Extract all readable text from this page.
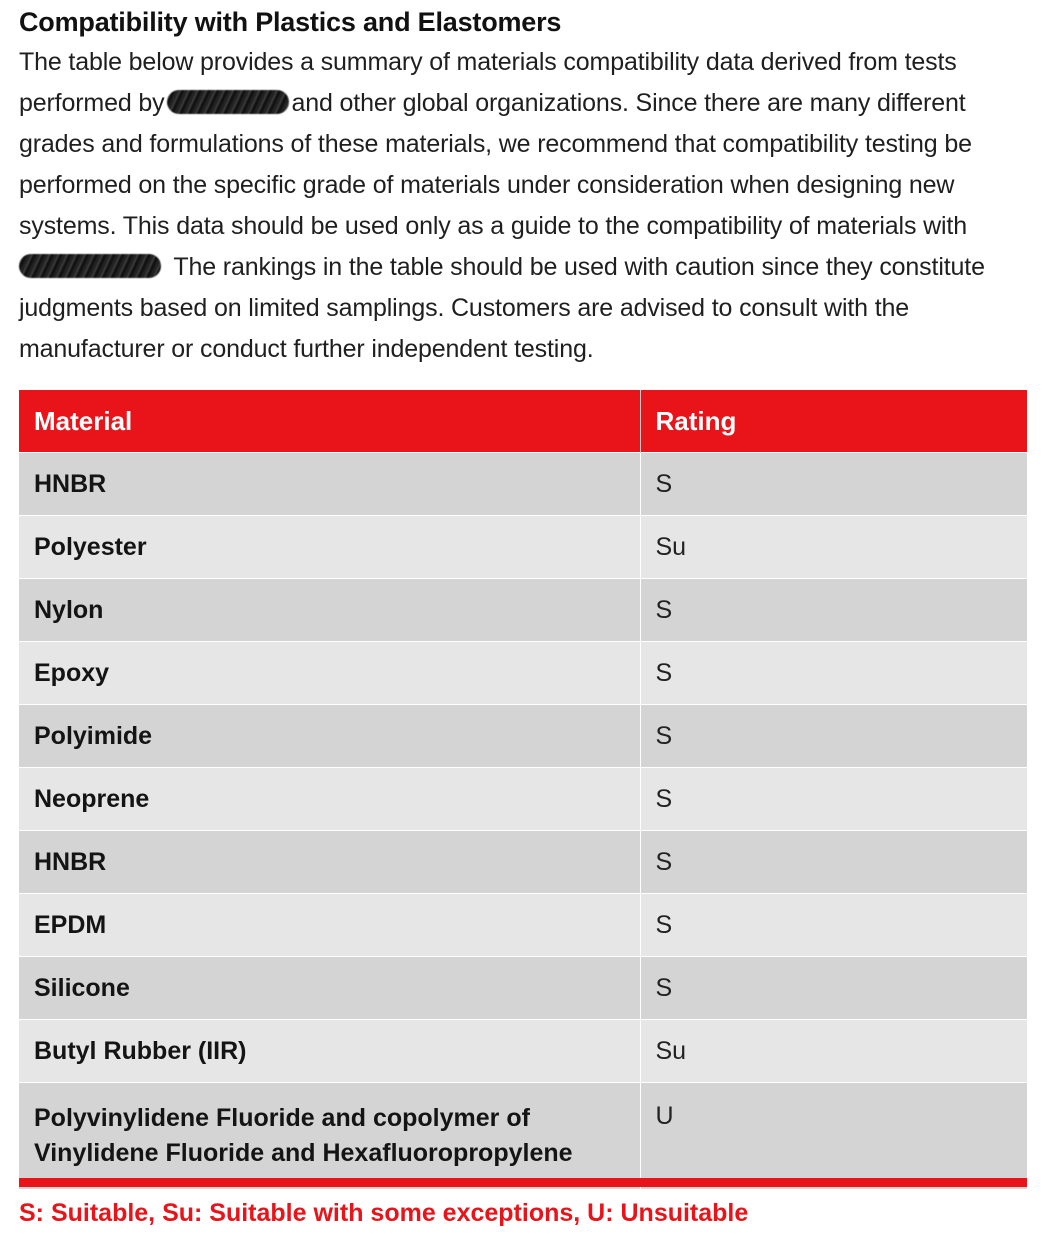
Compatibility with Plastics and Elastomers

The table below provides a summary of materials compatibility data derived from tests performed by	and other global organizations. Since there are many different grades and formulations of these materials, we recommend that compatibility testing be performed on the specific grade of materials under consideration when designing new systems. This data should be used only as a guide to the compatibility of materials with  The rankings in the table should be used with caution since they constitute judgments based on limited samplings. Customers are advised to consult with the manufacturer or conduct further independent testing.

Material	Rating
HNBR	S
Polyester	Su
Nylon	S
Epoxy	S
Polyimide	S
Neoprene	S
HNBR	S
EPDM	S
Silicone	S
Butyl Rubber (IIR)	Su
Polyvinylidene Fluoride and copolymer of Vinylidene Fluoride and Hexafluoropropylene	U
S: Suitable, Su: Suitable with some exceptions, U: Unsuitable
